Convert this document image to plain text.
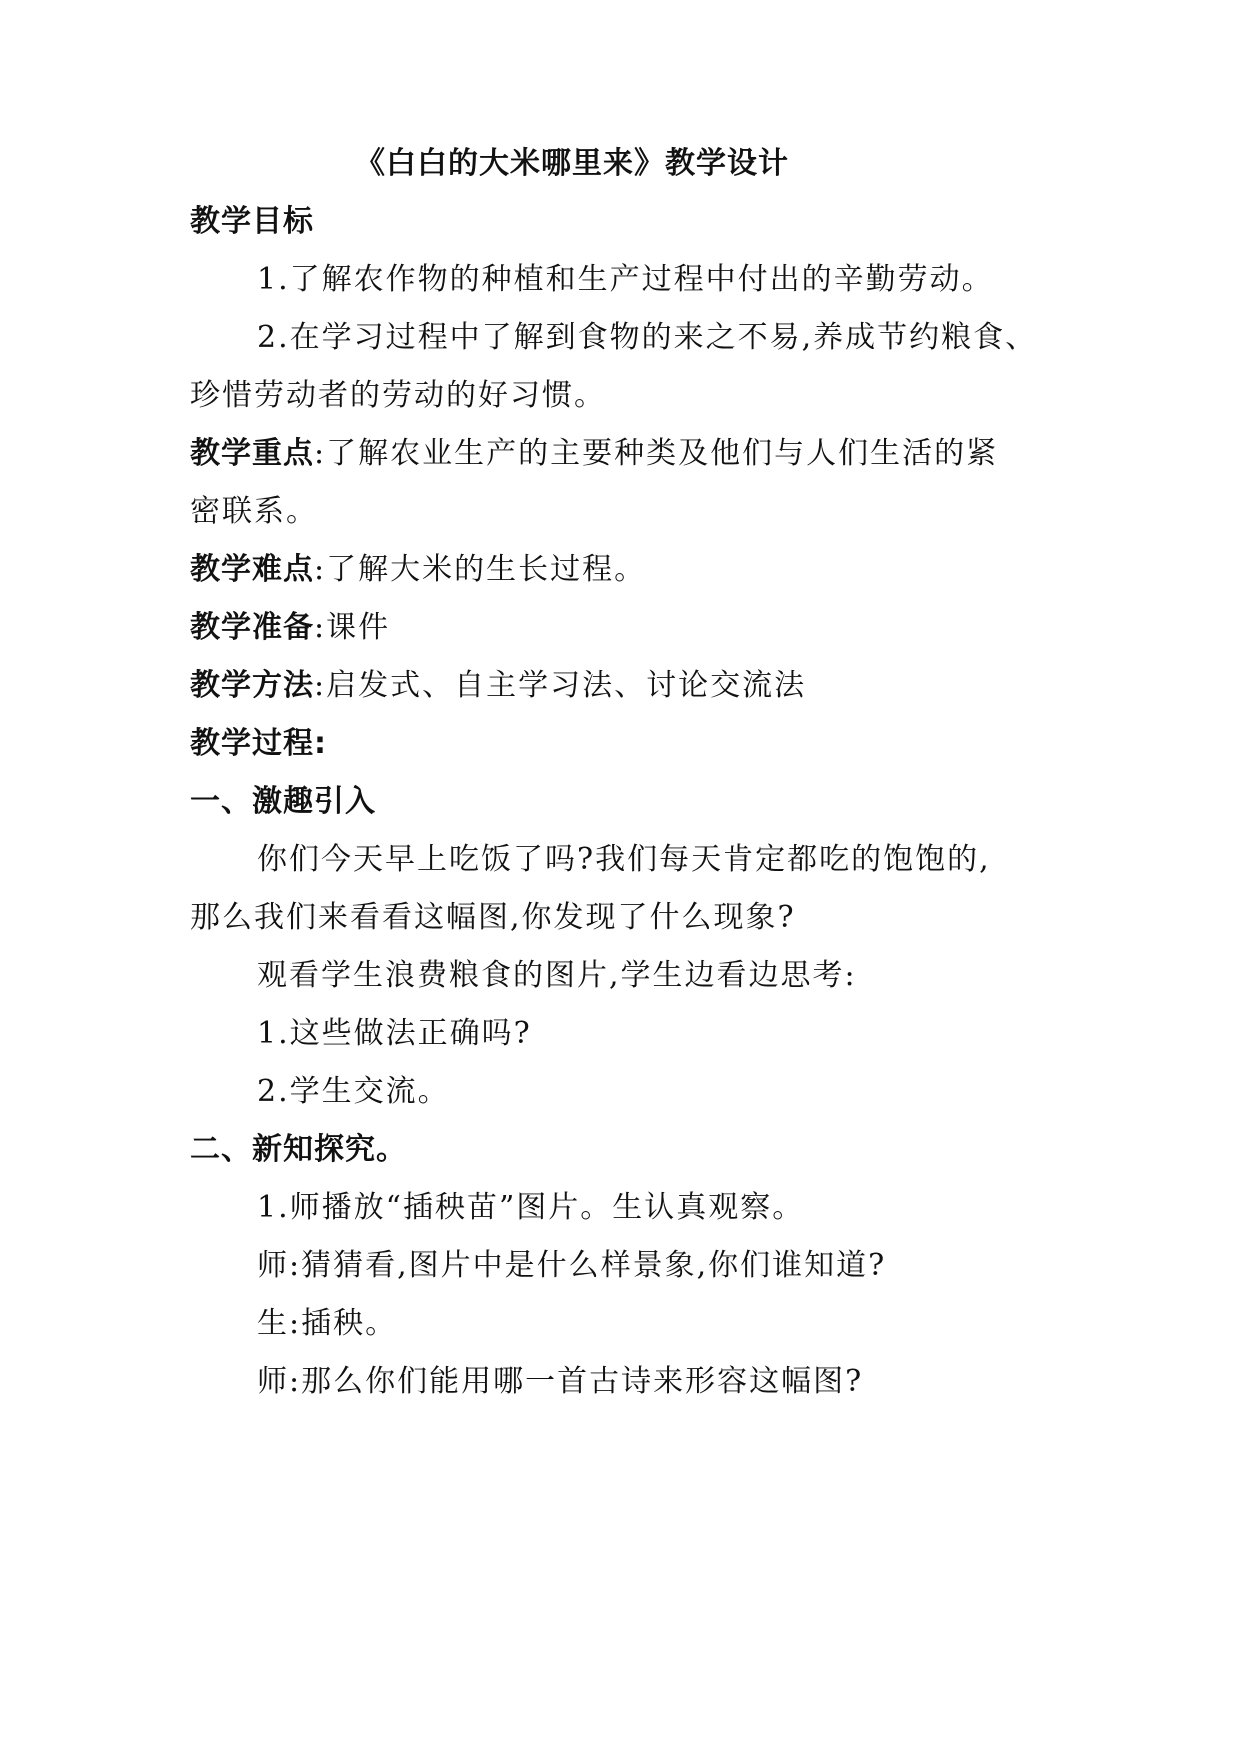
《白白的大米哪里来》教学设计
教学目标
1.了解农作物的种植和生产过程中付出的辛勤劳动。
2.在学习过程中了解到食物的来之不易,养成节约粮食、
珍惜劳动者的劳动的好习惯。
教学重点:了解农业生产的主要种类及他们与人们生活的紧
密联系。
教学难点:了解大米的生长过程。
教学准备:课件
教学方法:启发式、自主学习法、讨论交流法
教学过程:
一、激趣引入
你们今天早上吃饭了吗?我们每天肯定都吃的饱饱的,
那么我们来看看这幅图,你发现了什么现象?
观看学生浪费粮食的图片,学生边看边思考:
1.这些做法正确吗?
2.学生交流。
二、新知探究。
1.师播放“插秧苗”图片。生认真观察。
师:猜猜看,图片中是什么样景象,你们谁知道?
生:插秧。
师:那么你们能用哪一首古诗来形容这幅图?
